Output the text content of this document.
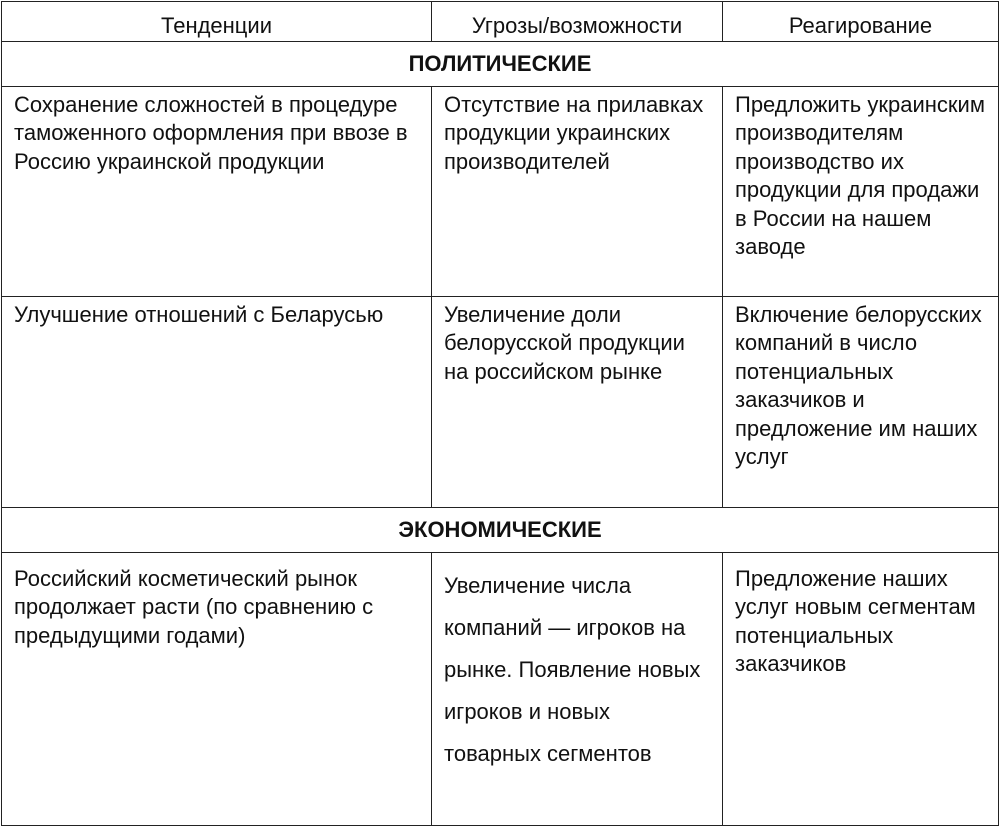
Тенденции	Угрозы/возможности	Реагирование
ПОЛИТИЧЕСКИЕ		
Сохранение сложностей в процедуре таможенного оформления при ввозе в Россию украинской продукции	Отсутствие на прилавках продукции украинских производителей	Предложить украинским производителям производство их продукции для продажи в России на нашем заводе
Улучшение отношений с Беларусью	Увеличение доли белорусской продукции на российском рынке	Включение белорусских компаний в число потенциальных заказчиков и предложение им наших услуг
ЭКОНОМИЧЕСКИЕ		
Российский косметический рынок продолжает расти (по сравнению с предыдущими годами)	Увеличение числа компаний — игроков на рынке. Появление новых игроков и новых товарных сегментов	Предложение наших услуг новым сегментам потенциальных заказчиков
